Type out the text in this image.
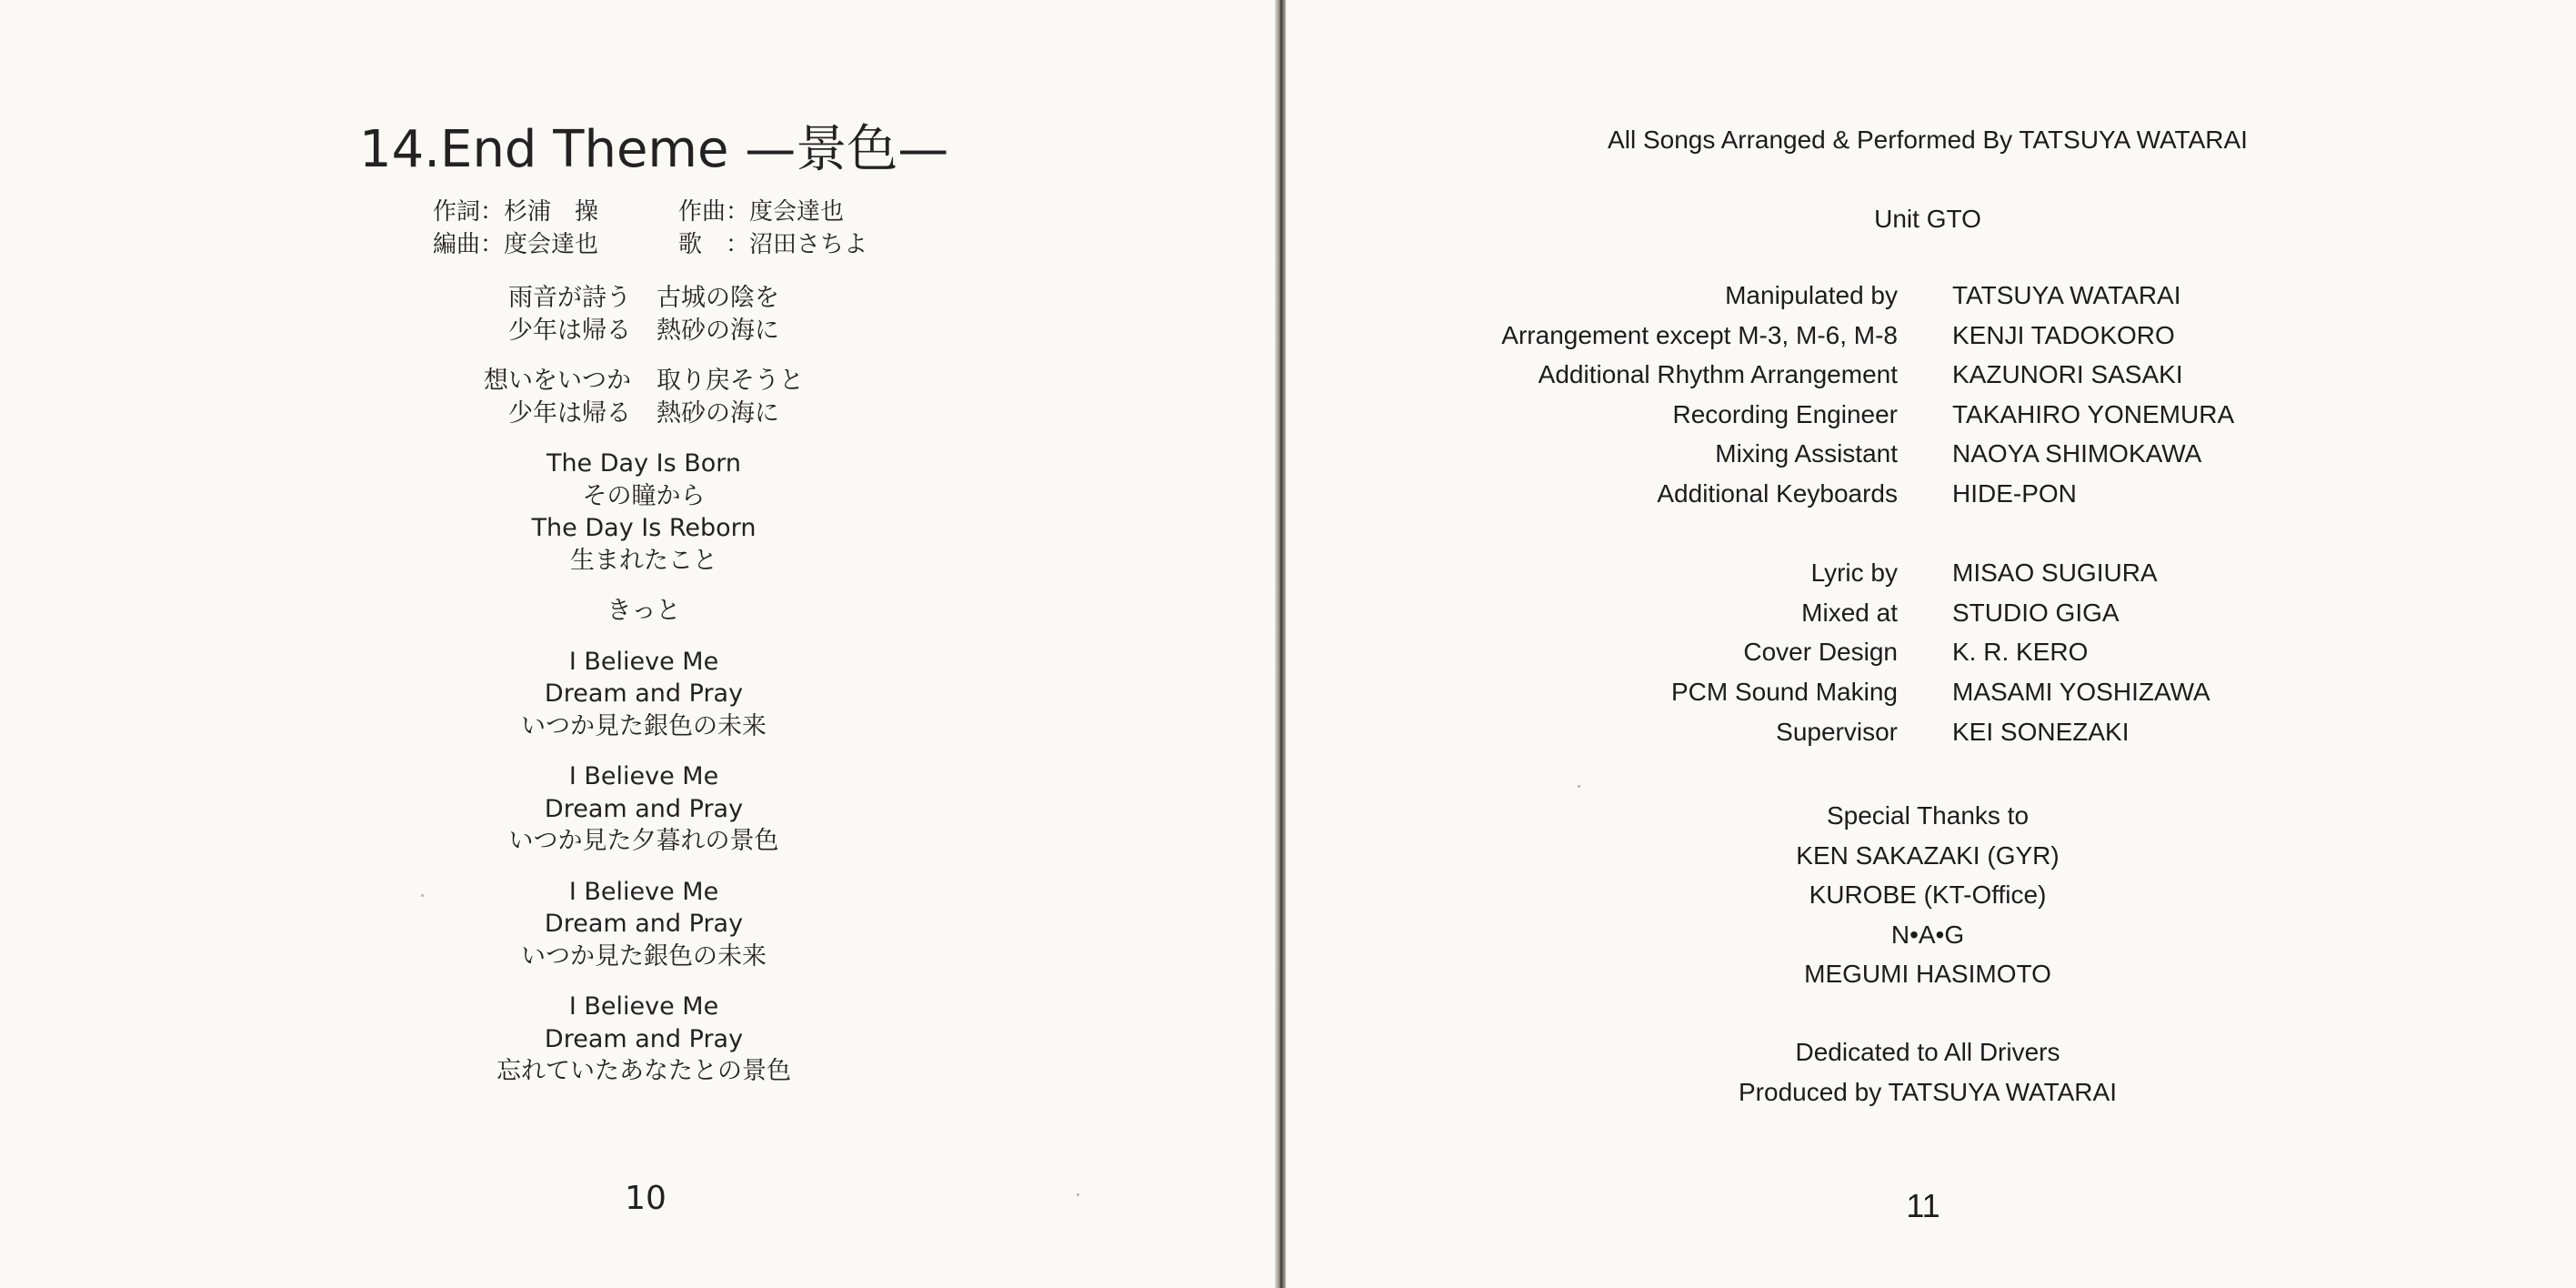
14.End Theme —景色—
作詞：杉浦　操	作曲：度会達也
編曲：度会達也	歌　：沼田さちよ
雨音が詩う 古城の陰を
少年は帰る 熱砂の海に
想いをいつか 取り戻そうと
少年は帰る 熱砂の海に
The Day Is Born
その瞳から
The Day Is Reborn
生まれたこと
きっと
I Believe Me
Dream and Pray
いつか見た銀色の未来
I Believe Me
Dream and Pray
いつか見た夕暮れの景色
I Believe Me
Dream and Pray
いつか見た銀色の未来
I Believe Me
Dream and Pray
忘れていたあなたとの景色
10
All Songs Arranged & Performed By TATSUYA WATARAI
Unit GTO
Manipulated by TATSUYA WATARAI
Arrangement except M-3, M-6, M-8 KENJI TADOKORO
Additional Rhythm Arrangement KAZUNORI SASAKI
Recording Engineer TAKAHIRO YONEMURA
Mixing Assistant NAOYA SHIMOKAWA
Additional Keyboards HIDE-PON
Lyric by MISAO SUGIURA
Mixed at STUDIO GIGA
Cover Design K. R. KERO
PCM Sound Making MASAMI YOSHIZAWA
Supervisor KEI SONEZAKI
Special Thanks to
KEN SAKAZAKI (GYR)
KUROBE (KT-Office)
N•A•G
MEGUMI HASIMOTO
Dedicated to All Drivers
Produced by TATSUYA WATARAI
11
